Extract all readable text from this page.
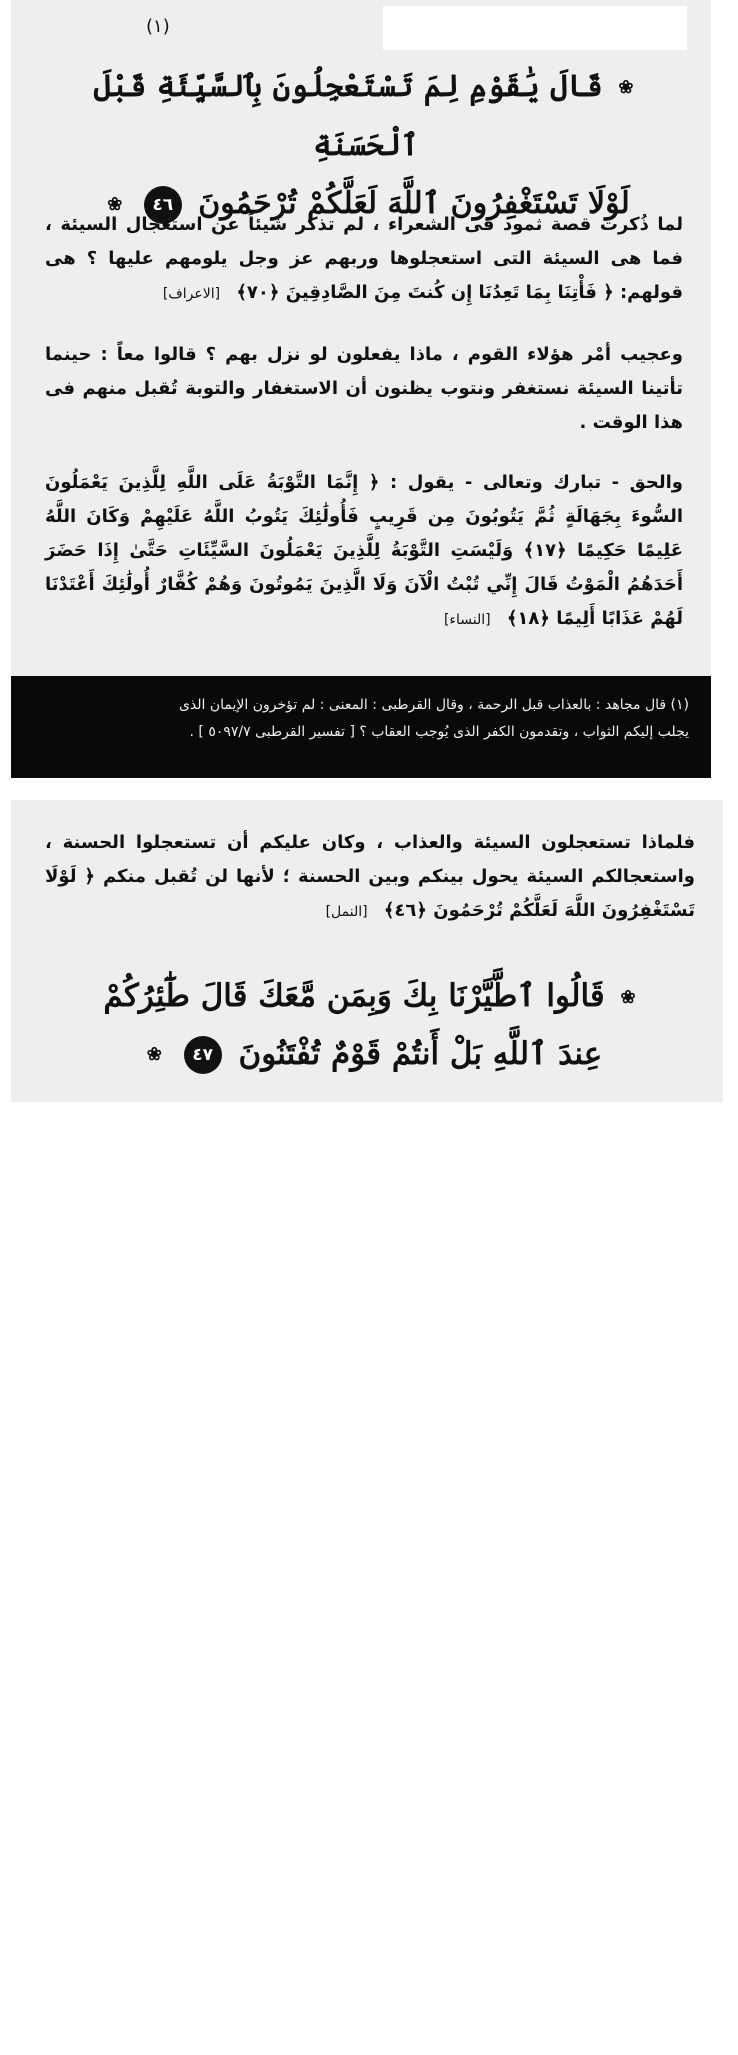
(١)
❀ قَالَ يَٰقَوْمِ لِمَ تَسْتَعْجِلُونَ بِٱلسَّيِّئَةِ قَبْلَ ٱلْحَسَنَةِ
لَوْلَا تَسْتَغْفِرُونَ ٱللَّهَ لَعَلَّكُمْ تُرْحَمُونَ ٤٦ ❀
لما ذُكرت قصة ثمود فى الشعراء ، لم تذكر شيئاً عن استعجال السيئة ، فما هى السيئة التى استعجلوها وربهم عز وجل يلومهم عليها ؟ هى قولهم: ﴿ فَأْتِنَا بِمَا تَعِدُنَا إِن كُنتَ مِنَ الصَّادِقِينَ ﴿٧٠﴾ [الاعراف]
وعجيب أمْر هؤلاء القوم ، ماذا يفعلون لو نزل بهم ؟ قالوا معاً : حينما تأتينا السيئة نستغفر ونتوب يظنون أن الاستغفار والتوبة تُقبل منهم فى هذا الوقت .
والحق - تبارك وتعالى - يقول : ﴿ إِنَّمَا التَّوْبَةُ عَلَى اللَّهِ لِلَّذِينَ يَعْمَلُونَ السُّوءَ بِجَهَالَةٍ ثُمَّ يَتُوبُونَ مِن قَرِيبٍ فَأُولَٰئِكَ يَتُوبُ اللَّهُ عَلَيْهِمْ وَكَانَ اللَّهُ عَلِيمًا حَكِيمًا ﴿١٧﴾ وَلَيْسَتِ التَّوْبَةُ لِلَّذِينَ يَعْمَلُونَ السَّيِّئَاتِ حَتَّىٰ إِذَا حَضَرَ أَحَدَهُمُ الْمَوْتُ قَالَ إِنِّي تُبْتُ الْآنَ وَلَا الَّذِينَ يَمُوتُونَ وَهُمْ كُفَّارٌ أُولَٰئِكَ أَعْتَدْنَا لَهُمْ عَذَابًا أَلِيمًا ﴿١٨﴾ [النساء]
(١) قال مجاهد : بالعذاب قبل الرحمة ، وقال القرطبى : المعنى : لم تؤخرون الإيمان الذى
يجلب إليكم الثواب ، وتقدمون الكفر الذى يُوجب العقاب ؟ [ تفسير القرطبى ٥٠٩٧/٧ ] .
فلماذا تستعجلون السيئة والعذاب ، وكان عليكم أن تستعجلوا الحسنة ، واستعجالكم السيئة يحول بينكم وبين الحسنة ؛ لأنها لن تُقبل منكم ﴿ لَوْلَا تَسْتَغْفِرُونَ اللَّهَ لَعَلَّكُمْ تُرْحَمُونَ ﴿٤٦﴾ [النمل]
❀ قَالُوا ٱطَّيَّرْنَا بِكَ وَبِمَن مَّعَكَ قَالَ طَٰٓئِرُكُمْ
عِندَ ٱللَّهِ بَلْ أَنتُمْ قَوْمٌ تُفْتَنُونَ ٤٧ ❀
